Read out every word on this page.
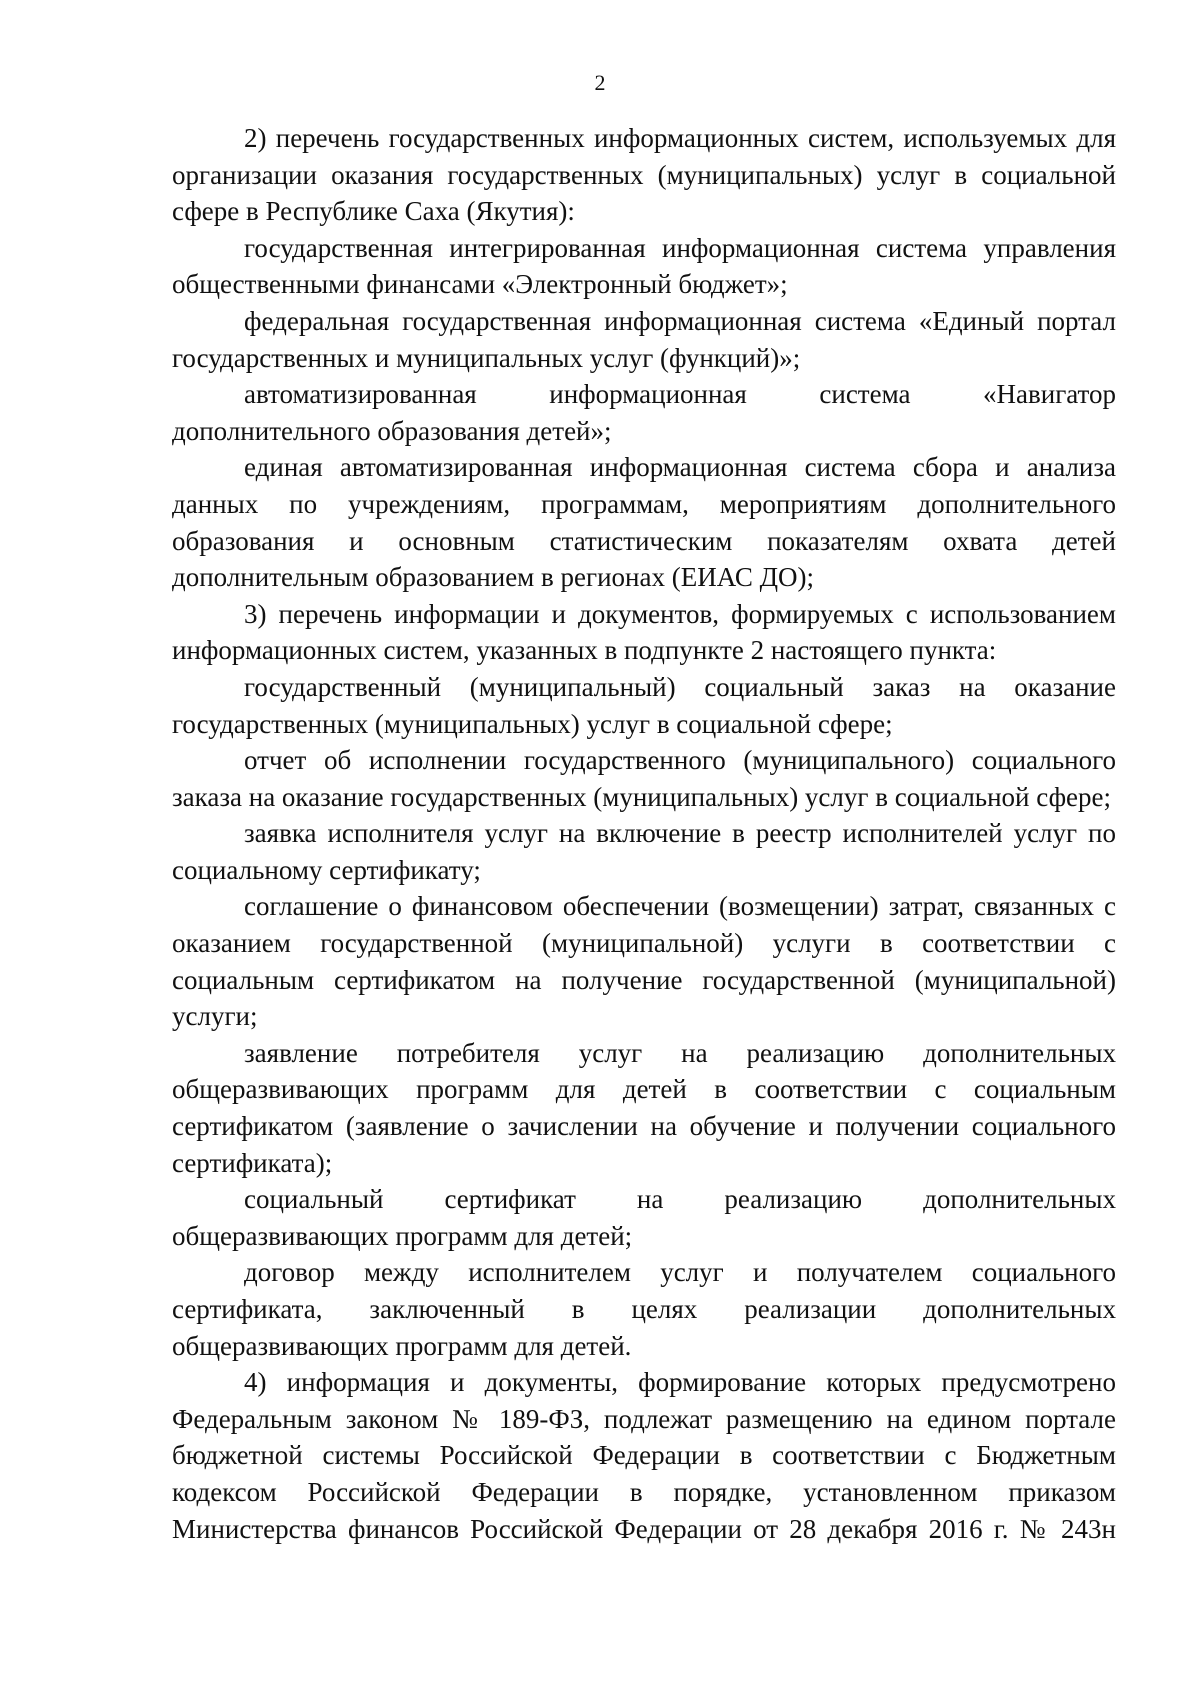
2

2) перечень государственных информационных систем, используемых для организации оказания государственных (муниципальных) услуг в социальной сфере в Республике Саха (Якутия):

государственная интегрированная информационная система управления общественными финансами «Электронный бюджет»;

федеральная государственная информационная система «Единый портал государственных и муниципальных услуг (функций)»;

автоматизированная информационная система «Навигатор дополнительного образования детей»;

единая автоматизированная информационная система сбора и анализа данных по учреждениям, программам, мероприятиям дополнительного образования и основным статистическим показателям охвата детей дополнительным образованием в регионах (ЕИАС ДО);

3) перечень информации и документов, формируемых с использованием информационных систем, указанных в подпункте 2 настоящего пункта:

государственный (муниципальный) социальный заказ на оказание государственных (муниципальных) услуг в социальной сфере;

отчет об исполнении государственного (муниципального) социального заказа на оказание государственных (муниципальных) услуг в социальной сфере;

заявка исполнителя услуг на включение в реестр исполнителей услуг по социальному сертификату;

соглашение о финансовом обеспечении (возмещении) затрат, связанных с оказанием государственной (муниципальной) услуги в соответствии с социальным сертификатом на получение государственной (муниципальной) услуги;

заявление потребителя услуг на реализацию дополнительных общеразвивающих программ для детей в соответствии с социальным сертификатом (заявление о зачислении на обучение и получении социального сертификата);

социальный сертификат на реализацию дополнительных общеразвивающих программ для детей;

договор между исполнителем услуг и получателем социального сертификата, заключенный в целях реализации дополнительных общеразвивающих программ для детей.

4) информация и документы, формирование которых предусмотрено Федеральным законом № 189-ФЗ, подлежат размещению на едином портале бюджетной системы Российской Федерации в соответствии с Бюджетным кодексом Российской Федерации в порядке, установленном приказом Министерства финансов Российской Федерации от 28 декабря 2016 г. № 243н
